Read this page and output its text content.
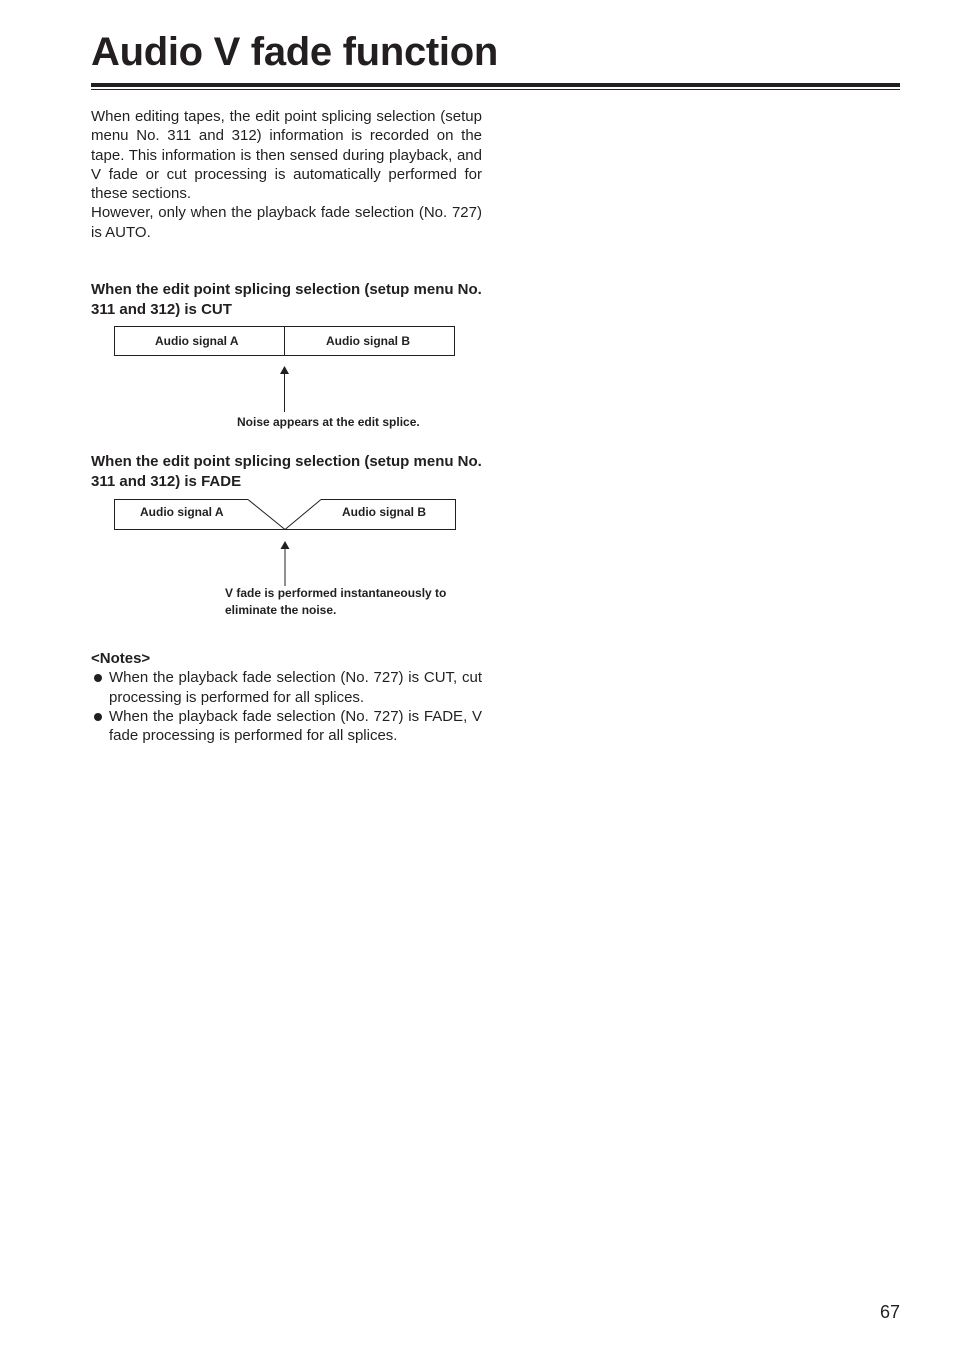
Audio V fade function

When editing tapes, the edit point splicing selection (setup menu No. 311 and 312) information is recorded on the tape. This information is then sensed during playback, and V fade or cut processing is automatically performed for these sections.

However, only when the playback fade selection (No. 727) is AUTO.

When the edit point splicing selection (setup menu No. 311 and 312) is CUT

Audio signal A	Audio signal B
Noise appears at the edit splice.

When the edit point splicing selection (setup menu No. 311 and 312) is FADE

Audio signal A	Audio signal B
V fade is performed instantaneously to eliminate the noise.

<Notes>

When the playback fade selection (No. 727) is CUT, cut processing is performed for all splices.
When the playback fade selection (No. 727) is FADE, V fade processing is performed for all splices.
67
